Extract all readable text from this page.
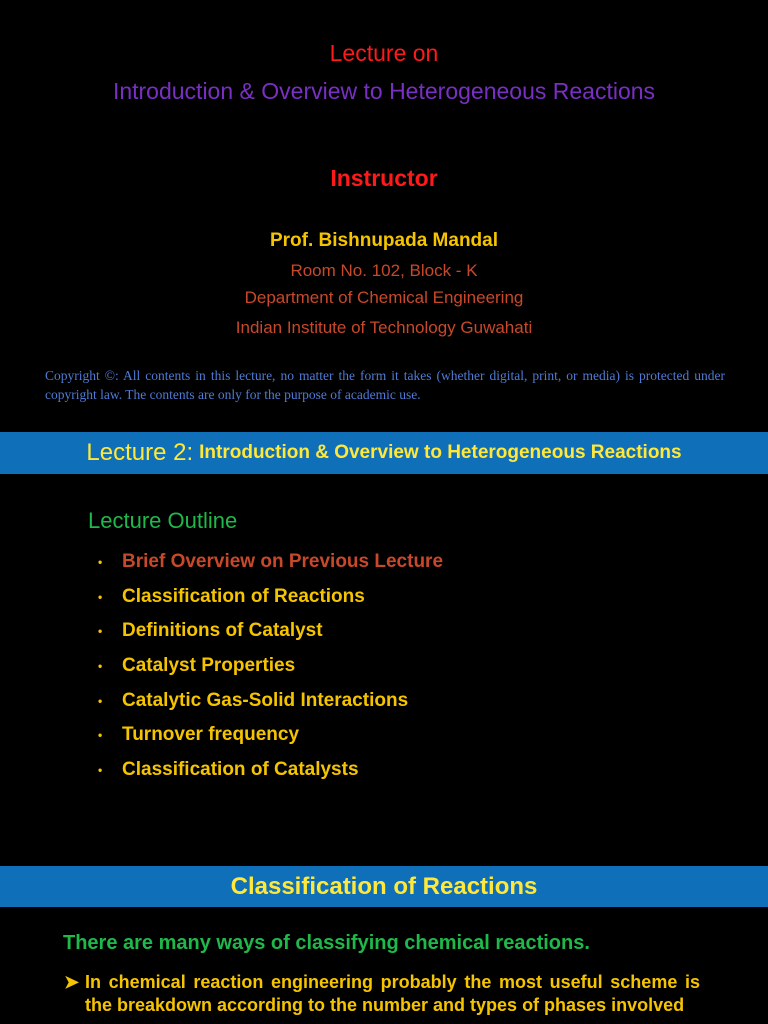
Lecture on
Introduction & Overview to Heterogeneous Reactions
Instructor
Prof. Bishnupada Mandal
Room No. 102, Block - K
Department of Chemical Engineering
Indian Institute of Technology Guwahati
Copyright ©: All contents in this lecture, no matter the form it takes (whether digital, print, or media) is protected under copyright law. The contents are only for the purpose of academic use.
Lecture 2: Introduction & Overview to Heterogeneous Reactions
Lecture Outline
•	Brief Overview on Previous Lecture
•	Classification of Reactions
•	Definitions of Catalyst
•	Catalyst Properties
•	Catalytic Gas-Solid Interactions
•	Turnover frequency
•	Classification of Catalysts
Classification of Reactions
There are many ways of classifying chemical reactions.
➤ In chemical reaction engineering probably the most useful scheme is the breakdown according to the number and types of phases involved
